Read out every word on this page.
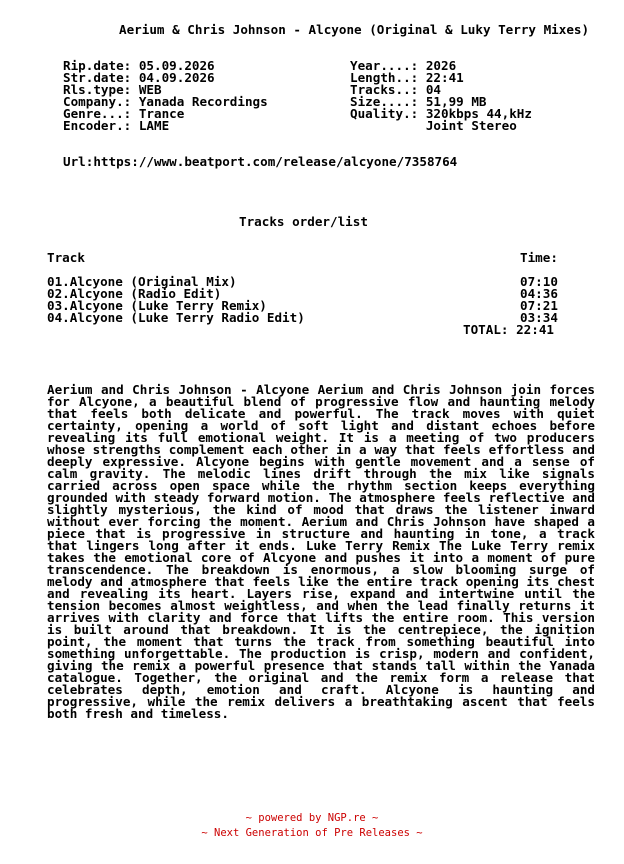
Aerium & Chris Johnson - Alcyone (Original & Luky Terry Mixes)
Rip.date: 05.09.2026
Str.date: 04.09.2026
Rls.type: WEB
Company.: Yanada Recordings
Genre...: Trance
Encoder.: LAME
Year....: 2026
Length..: 22:41
Tracks..: 04
Size....: 51,99 MB
Quality.: 320kbps 44,kHz
Joint Stereo
Url:https://www.beatport.com/release/alcyone/7358764
Tracks order/list
Track	Time:
01.Alcyone (Original Mix)	07:10
02.Alcyone (Radio Edit)	04:36
03.Alcyone (Luke Terry Remix)	07:21
04.Alcyone (Luke Terry Radio Edit)	03:34
TOTAL: 22:41

Aerium and Chris Johnson - Alcyone Aerium and Chris Johnson join forces for Alcyone, a beautiful blend of progressive flow and haunting melody that feels both delicate and powerful. The track moves with quiet certainty, opening a world of soft light and distant echoes before revealing its full emotional weight. It is a meeting of two producers whose strengths complement each other in a way that feels effortless and deeply expressive. Alcyone begins with gentle movement and a sense of calm gravity. The melodic lines drift through the mix like signals carried across open space while the rhythm section keeps everything grounded with steady forward motion. The atmosphere feels reflective and slightly mysterious, the kind of mood that draws the listener inward without ever forcing the moment. Aerium and Chris Johnson have shaped a piece that is progressive in structure and haunting in tone, a track that lingers long after it ends. Luke Terry Remix The Luke Terry remix takes the emotional core of Alcyone and pushes it into a moment of pure transcendence. The breakdown is enormous, a slow blooming surge of melody and atmosphere that feels like the entire track opening its chest and revealing its heart. Layers rise, expand and intertwine until the tension becomes almost weightless, and when the lead finally returns it arrives with clarity and force that lifts the entire room. This version is built around that breakdown. It is the centrepiece, the ignition point, the moment that turns the track from something beautiful into something unforgettable. The production is crisp, modern and confident, giving the remix a powerful presence that stands tall within the Yanada catalogue. Together, the original and the remix form a release that celebrates depth, emotion and craft. Alcyone is haunting and progressive, while the remix delivers a breathtaking ascent that feels both fresh and timeless.

~ powered by NGP.re ~
~ Next Generation of Pre Releases ~
